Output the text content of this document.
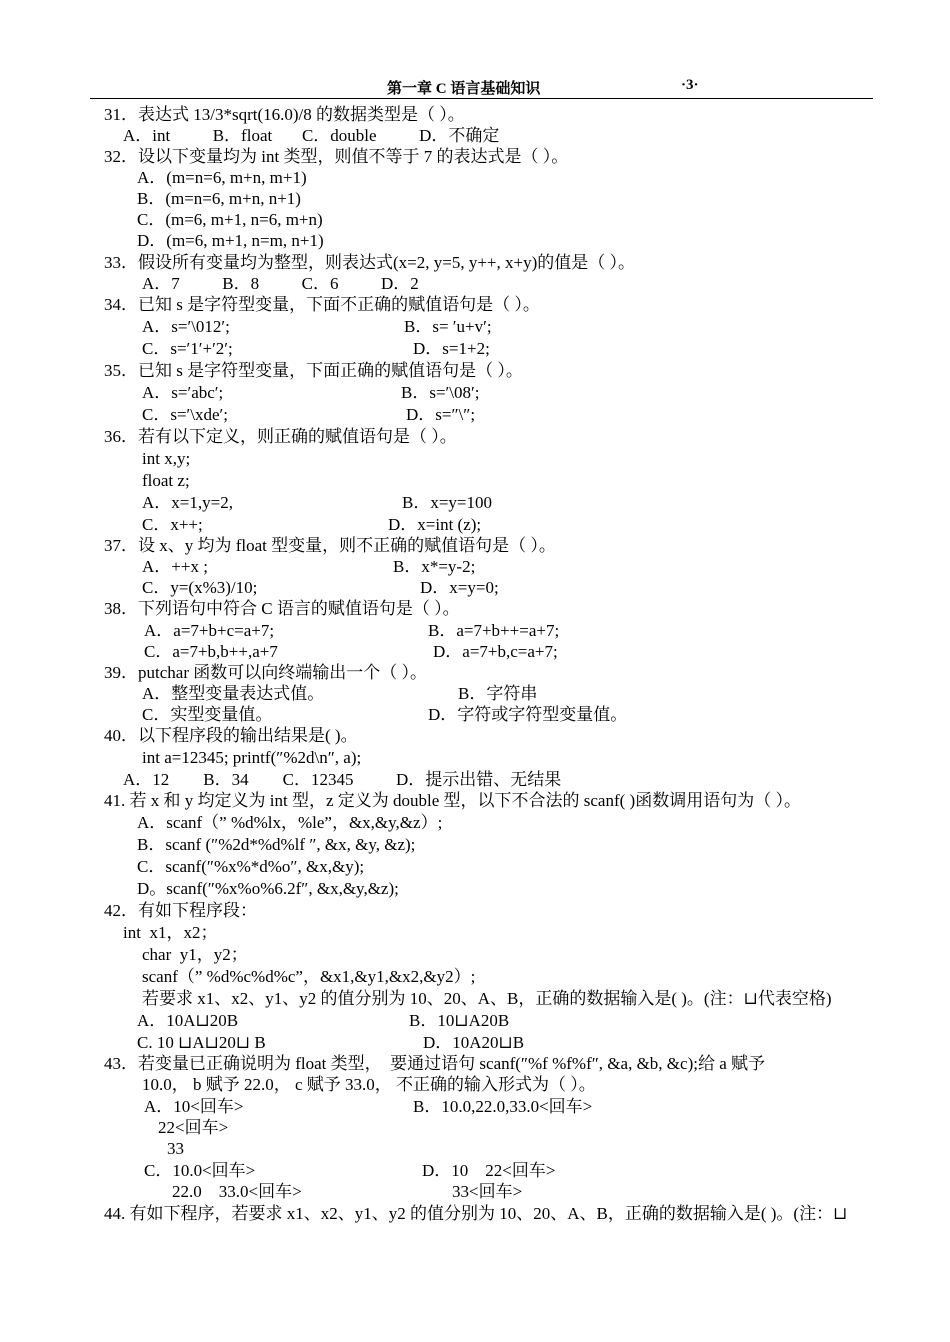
第一章 C 语言基础知识	·3·
31．表达式 13/3*sqrt(16.0)/8 的数据类型是（ ）。
A．int          B．float       C．double          D．不确定
32．设以下变量均为 int 类型，则值不等于 7 的表达式是（ ）。
A．(m=n=6, m+n, m+1)
B．(m=n=6, m+n, n+1)
C．(m=6, m+1, n=6, m+n)
D．(m=6, m+1, n=m, n+1)
33．假设所有变量均为整型，则表达式(x=2, y=5, y++, x+y)的值是（ ）。
A．7          B．8          C．6          D．2
34．已知 s 是字符型变量，下面不正确的赋值语句是（ ）。
A．s=′\012′;	B．s= ′u+v′;
C．s=′1′+′2′;	D．s=1+2;
35．已知 s 是字符型变量，下面正确的赋值语句是（ ）。
A．s=′abc′;	B．s=′\08′;
C．s=′\xde′;	D．s=″\″;
36．若有以下定义，则正确的赋值语句是（ ）。
int x,y;
float z;
A．x=1,y=2,	B．x=y=100
C．x++;	D．x=int (z);
37．设 x、y 均为 float 型变量，则不正确的赋值语句是（ ）。
A．++x ;	B．x*=y-2;
C．y=(x%3)/10;	D．x=y=0;
38．下列语句中符合 C 语言的赋值语句是（ ）。
A．a=7+b+c=a+7;	B．a=7+b++=a+7;
C．a=7+b,b++,a+7	D．a=7+b,c=a+7;
39．putchar 函数可以向终端输出一个（ ）。
A．整型变量表达式值。	B．字符串
C．实型变量值。	D．字符或字符型变量值。
40．以下程序段的输出结果是( )。
int a=12345; printf(″%2d\n″, a);
A．12        B．34        C．12345          D．提示出错、无结果
41. 若 x 和 y 均定义为 int 型，z 定义为 double 型，以下不合法的 scanf( )函数调用语句为（ ）。
A．scanf（” %d%lx，%le”，&x,&y,&z）;
B．scanf (″%2d*%d%lf ″, &x, &y, &z);
C．scanf(″%x%*d%o″, &x,&y);
D。scanf(″%x%o%6.2f″, &x,&y,&z);
42．有如下程序段：
int  x1，x2；
char  y1，y2；
scanf（” %d%c%d%c”，&x1,&y1,&x2,&y2）;
若要求 x1、x2、y1、y2 的值分别为 10、20、A、B，正确的数据输入是( )。(注：⊔代表空格)
A．10A⊔20B	B．10⊔A20B
C. 10 ⊔A⊔20⊔ B	D．10A20⊔B
43．若变量已正确说明为 float 类型，  要通过语句 scanf(″%f %f%f″, &a, &b, &c);给 a 赋予
10.0， b 赋予 22.0， c 赋予 33.0， 不正确的输入形式为（ ）。
A．10<回车>	B．10.0,22.0,33.0<回车>
22<回车>
33
C．10.0<回车>	D．10    22<回车>
22.0    33.0<回车>	33<回车>
44. 有如下程序，若要求 x1、x2、y1、y2 的值分别为 10、20、A、B，正确的数据输入是( )。(注：⊔
